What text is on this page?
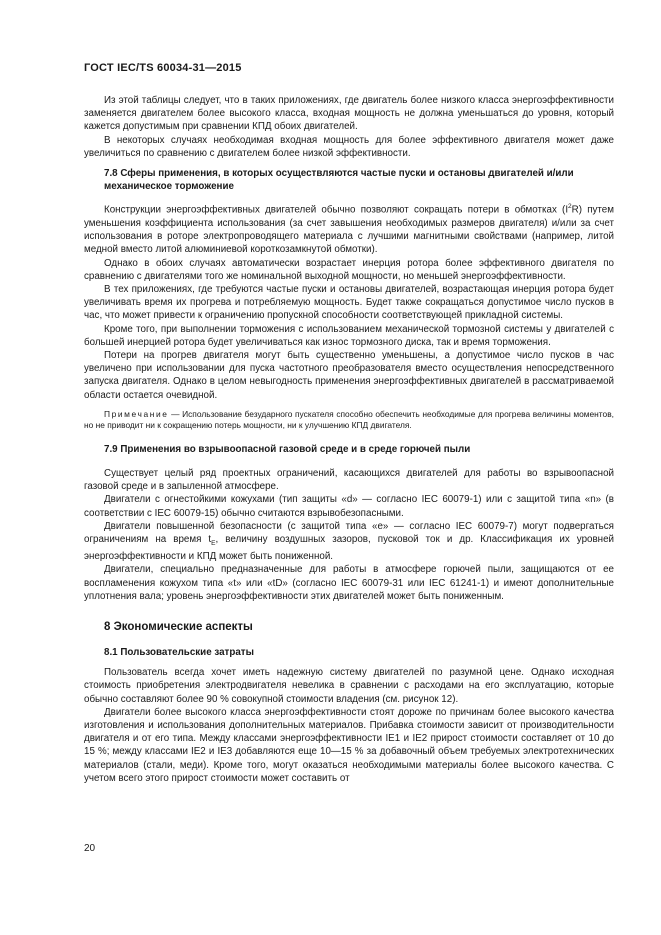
ГОСТ IEC/TS 60034-31—2015

Из этой таблицы следует, что в таких приложениях, где двигатель более низкого класса энергоэффективности заменяется двигателем более высокого класса, входная мощность не должна уменьшаться до уровня, который кажется допустимым при сравнении КПД обоих двигателей.

В некоторых случаях необходимая входная мощность для более эффективного двигателя может даже увеличиться по сравнению с двигателем более низкой эффективности.

7.8 Сферы применения, в которых осуществляются частые пуски и остановы двигателей и/или механическое торможение

Конструкции энергоэффективных двигателей обычно позволяют сокращать потери в обмотках $(I^2R)$ путем уменьшения коэффициента использования (за счет завышения необходимых размеров двигателя) и/или за счет использования в роторе электропроводящего материала с лучшими магнитными свойствами (например, литой медной вместо литой алюминиевой короткозамкнутой обмотки).

Однако в обоих случаях автоматически возрастает инерция ротора более эффективного двигателя по сравнению с двигателями того же номинальной выходной мощности, но меньшей энергоэффективности.

В тех приложениях, где требуются частые пуски и остановы двигателей, возрастающая инерция ротора будет увеличивать время их прогрева и потребляемую мощность. Будет также сокращаться допустимое число пусков в час, что может привести к ограничению пропускной способности соответствующей прикладной системы.

Кроме того, при выполнении торможения с использованием механической тормозной системы у двигателей с большей инерцией ротора будет увеличиваться как износ тормозного диска, так и время торможения.

Потери на прогрев двигателя могут быть существенно уменьшены, а допустимое число пусков в час увеличено при использовании для пуска частотного преобразователя вместо осуществления непосредственного запуска двигателя. Однако в целом невыгодность применения энергоэффективных двигателей в рассматриваемой области остается очевидной.

Примечание — Использование безударного пускателя способно обеспечить необходимые для прогрева величины моментов, но не приводит ни к сокращению потерь мощности, ни к улучшению КПД двигателя.
7.9 Применения во взрывоопасной газовой среде и в среде горючей пыли

Существует целый ряд проектных ограничений, касающихся двигателей для работы во взрывоопасной газовой среде и в запыленной атмосфере.

Двигатели с огнестойкими кожухами (тип защиты «d» — согласно IEC 60079-1) или с защитой типа «n» (в соответствии с IEC 60079-15) обычно считаются взрывобезопасными.

Двигатели повышенной безопасности (с защитой типа «e» — согласно IEC 60079-7) могут подвергаться ограничениям на время $t_E$, величину воздушных зазоров, пусковой ток и др. Классификация их уровней энергоэффективности и КПД может быть пониженной.

Двигатели, специально предназначенные для работы в атмосфере горючей пыли, защищаются от ее воспламенения кожухом типа «t» или «tD» (согласно IEC 60079-31 или IEC 61241-1) и имеют дополнительные уплотнения вала; уровень энергоэффективности этих двигателей может быть пониженным.

8 Экономические аспекты
8.1 Пользовательские затраты

Пользователь всегда хочет иметь надежную систему двигателей по разумной цене. Однако исходная стоимость приобретения электродвигателя невелика в сравнении с расходами на его эксплуатацию, которые обычно составляют более 90 % совокупной стоимости владения (см. рисунок 12).

Двигатели более высокого класса энергоэффективности стоят дороже по причинам более высокого качества изготовления и использования дополнительных материалов. Прибавка стоимости зависит от производительности двигателя и от его типа. Между классами энергоэффективности IE1 и IE2 прирост стоимости составляет от 10 до 15 %; между классами IE2 и IE3 добавляются еще 10—15 % за добавочный объем требуемых электротехнических материалов (стали, меди). Кроме того, могут оказаться необходимыми материалы более высокого качества. С учетом всего этого прирост стоимости может составить от

20
